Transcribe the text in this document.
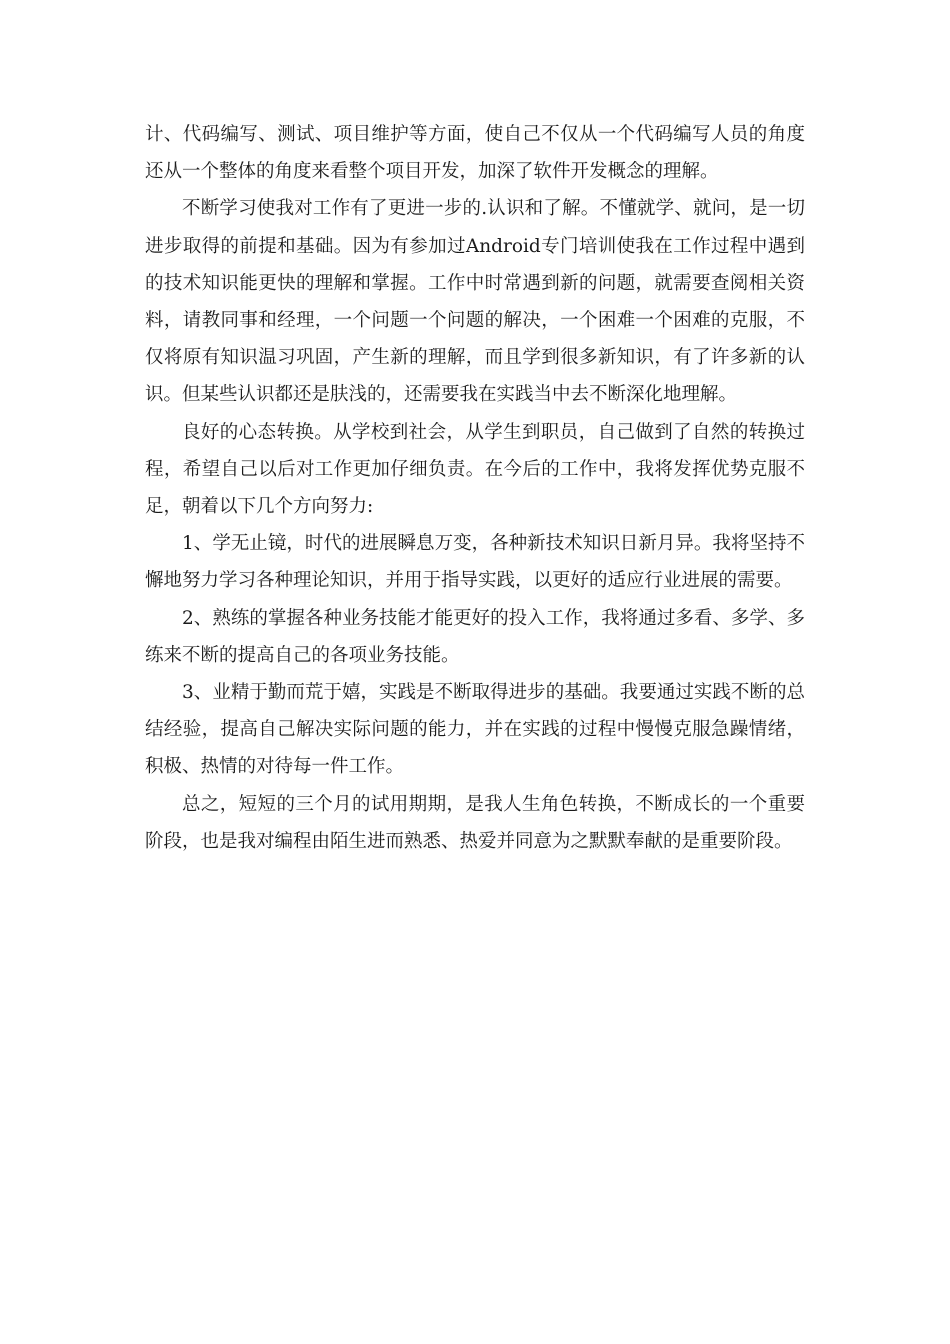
计、代码编写、测试、项目维护等方面，使自己不仅从一个代码编写人员的角度还从一个整体的角度来看整个项目开发，加深了软件开发概念的理解。

不断学习使我对工作有了更进一步的.认识和了解。不懂就学、就问，是一切进步取得的前提和基础。因为有参加过Android专门培训使我在工作过程中遇到的技术知识能更快的理解和掌握。工作中时常遇到新的问题，就需要查阅相关资料，请教同事和经理，一个问题一个问题的解决，一个困难一个困难的克服，不仅将原有知识温习巩固，产生新的理解，而且学到很多新知识，有了许多新的认识。但某些认识都还是肤浅的，还需要我在实践当中去不断深化地理解。

良好的心态转换。从学校到社会，从学生到职员，自己做到了自然的转换过程，希望自己以后对工作更加仔细负责。在今后的工作中，我将发挥优势克服不足，朝着以下几个方向努力:

1、学无止镜，时代的进展瞬息万变，各种新技术知识日新月异。我将坚持不懈地努力学习各种理论知识，并用于指导实践，以更好的适应行业进展的需要。

2、熟练的掌握各种业务技能才能更好的投入工作，我将通过多看、多学、多练来不断的提高自己的各项业务技能。

3、业精于勤而荒于嬉，实践是不断取得进步的基础。我要通过实践不断的总结经验，提高自己解决实际问题的能力，并在实践的过程中慢慢克服急躁情绪，积极、热情的对待每一件工作。

总之，短短的三个月的试用期期，是我人生角色转换，不断成长的一个重要阶段，也是我对编程由陌生进而熟悉、热爱并同意为之默默奉献的是重要阶段。
